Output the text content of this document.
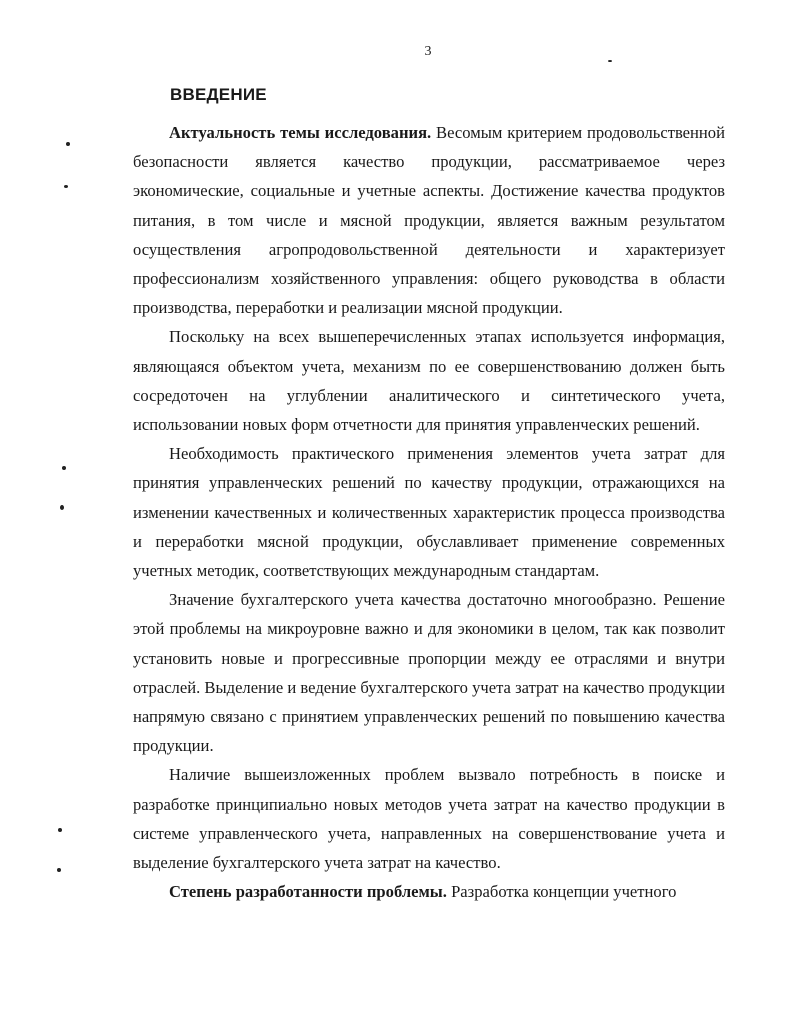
3
ВВЕДЕНИЕ

Актуальность темы исследования. Весомым критерием продовольственной безопасности является качество продукции, рассматриваемое через экономические, социальные и учетные аспекты. Достижение качества продуктов питания, в том числе и мясной продукции, является важным результатом осуществления агропродовольственной деятельности и характеризует профессионализм хозяйственного управления: общего руководства в области производства, переработки и реализации мясной продукции.

Поскольку на всех вышеперечисленных этапах используется информация, являющаяся объектом учета, механизм по ее совершенствованию должен быть сосредоточен на углублении аналитического и синтетического учета, использовании новых форм отчетности для принятия управленческих решений.

Необходимость практического применения элементов учета затрат для принятия управленческих решений по качеству продукции, отражающихся на изменении качественных и количественных характеристик процесса производства и переработки мясной продукции, обуславливает применение современных учетных методик, соответствующих международным стандартам.

Значение бухгалтерского учета качества достаточно многообразно. Решение этой проблемы на микроуровне важно и для экономики в целом, так как позволит установить новые и прогрессивные пропорции между ее отраслями и внутри отраслей. Выделение и ведение бухгалтерского учета затрат на качество продукции напрямую связано с принятием управленческих решений по повышению качества продукции.

Наличие вышеизложенных проблем вызвало потребность в поиске и разработке принципиально новых методов учета затрат на качество продукции в системе управленческого учета, направленных на совершенствование учета и выделение бухгалтерского учета затрат на качество.

Степень разработанности проблемы. Разработка концепции учетного
